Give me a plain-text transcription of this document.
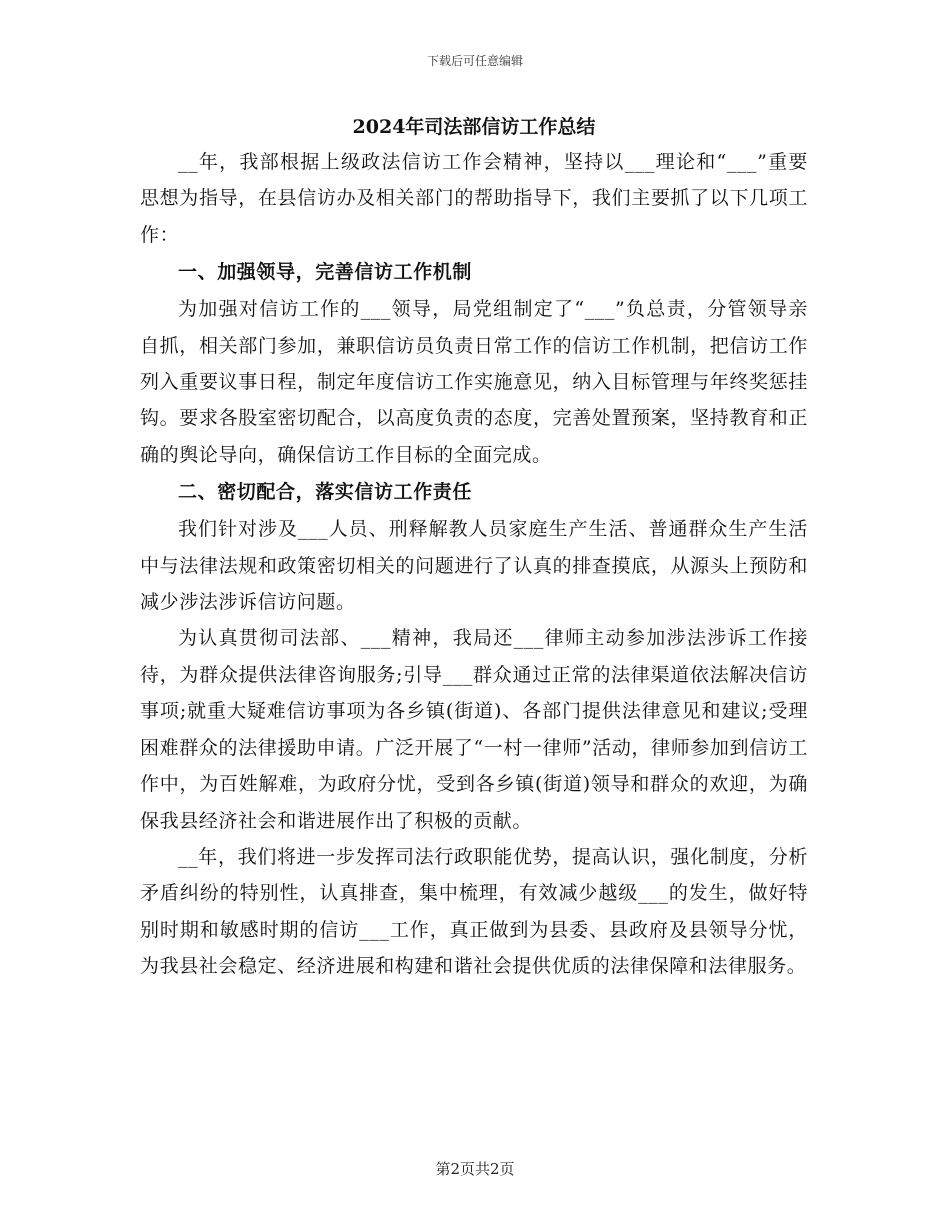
下载后可任意编辑
2024年司法部信访工作总结

__年，我部根据上级政法信访工作会精神，坚持以___理论和“___”重要思想为指导，在县信访办及相关部门的帮助指导下，我们主要抓了以下几项工作：

一、加强领导，完善信访工作机制

为加强对信访工作的___领导，局党组制定了“___”负总责，分管领导亲自抓，相关部门参加，兼职信访员负责日常工作的信访工作机制，把信访工作列入重要议事日程，制定年度信访工作实施意见，纳入目标管理与年终奖惩挂钩。要求各股室密切配合，以高度负责的态度，完善处置预案，坚持教育和正确的舆论导向，确保信访工作目标的全面完成。

二、密切配合，落实信访工作责任

我们针对涉及___人员、刑释解教人员家庭生产生活、普通群众生产生活中与法律法规和政策密切相关的问题进行了认真的排查摸底，从源头上预防和减少涉法涉诉信访问题。

为认真贯彻司法部、___精神，我局还___律师主动参加涉法涉诉工作接待，为群众提供法律咨询服务;引导___群众通过正常的法律渠道依法解决信访事项;就重大疑难信访事项为各乡镇(街道)、各部门提供法律意见和建议;受理困难群众的法律援助申请。广泛开展了“一村一律师”活动，律师参加到信访工作中，为百姓解难，为政府分忧，受到各乡镇(街道)领导和群众的欢迎，为确保我县经济社会和谐进展作出了积极的贡献。

__年，我们将进一步发挥司法行政职能优势，提高认识，强化制度，分析矛盾纠纷的特别性，认真排查，集中梳理，有效减少越级___的发生，做好特别时期和敏感时期的信访___工作，真正做到为县委、县政府及县领导分忧，为我县社会稳定、经济进展和构建和谐社会提供优质的法律保障和法律服务。

第2页共2页
